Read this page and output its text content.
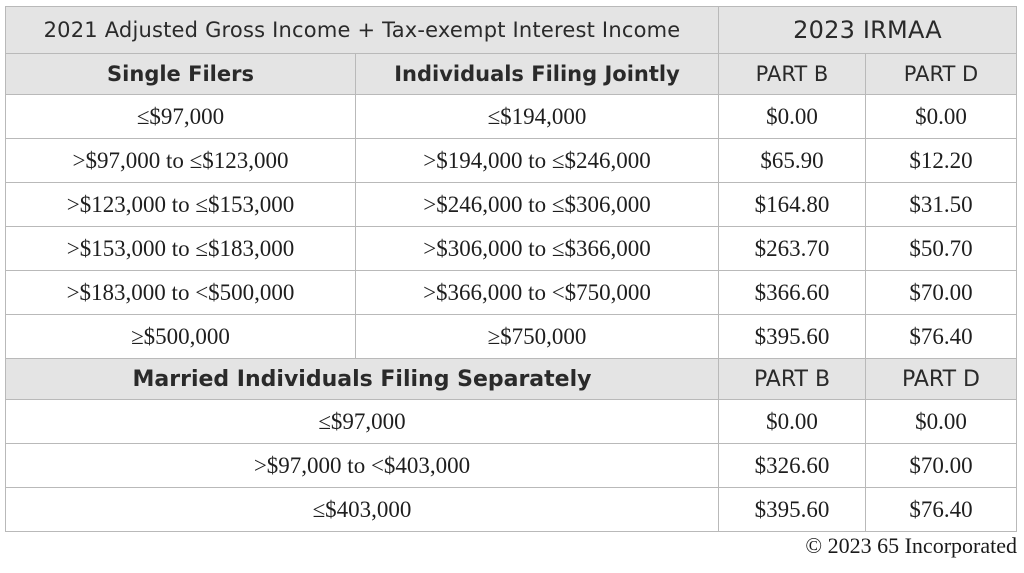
2021 Adjusted Gross Income + Tax-exempt Interest Income		2023 IRMAA	
Single Filers	Individuals Filing Jointly	PART B	PART D
≤$97,000	≤$194,000	$0.00	$0.00
>$97,000 to ≤$123,000	>$194,000 to ≤$246,000	$65.90	$12.20
>$123,000 to ≤$153,000	>$246,000 to ≤$306,000	$164.80	$31.50
>$153,000 to ≤$183,000	>$306,000 to ≤$366,000	$263.70	$50.70
>$183,000 to <$500,000	>$366,000 to <$750,000	$366.60	$70.00
≥$500,000	≥$750,000	$395.60	$76.40
Married Individuals Filing Separately		PART B	PART D
≤$97,000		$0.00	$0.00
>$97,000 to <$403,000		$326.60	$70.00
≤$403,000		$395.60	$76.40
© 2023 65 Incorporated
